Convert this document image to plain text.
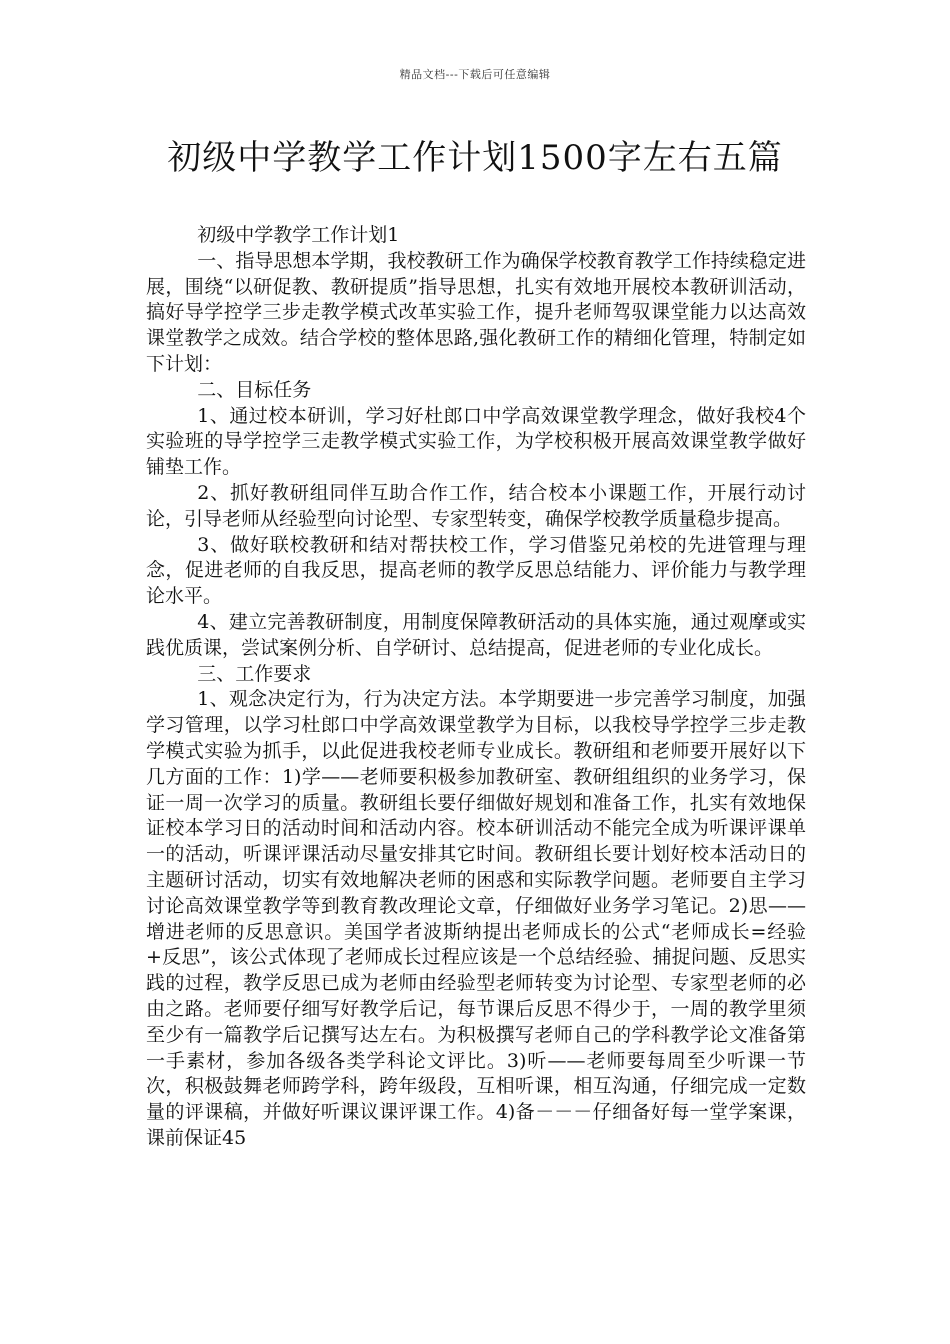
精品文档---下载后可任意编辑
初级中学教学工作计划1500字左右五篇

初级中学教学工作计划1

一、指导思想本学期，我校教研工作为确保学校教育教学工作持续稳定进展，围绕“以研促教、教研提质”指导思想，扎实有效地开展校本教研训活动，搞好导学控学三步走教学模式改革实验工作，提升老师驾驭课堂能力以达高效课堂教学之成效。结合学校的整体思路,强化教研工作的精细化管理，特制定如下计划：

二、目标任务

1、通过校本研训，学习好杜郎口中学高效课堂教学理念，做好我校4个实验班的导学控学三走教学模式实验工作，为学校积极开展高效课堂教学做好铺垫工作。

2、抓好教研组同伴互助合作工作，结合校本小课题工作，开展行动讨论，引导老师从经验型向讨论型、专家型转变，确保学校教学质量稳步提高。

3、做好联校教研和结对帮扶校工作，学习借鉴兄弟校的先进管理与理念，促进老师的自我反思，提高老师的教学反思总结能力、评价能力与教学理论水平。

4、建立完善教研制度，用制度保障教研活动的具体实施，通过观摩或实践优质课，尝试案例分析、自学研讨、总结提高，促进老师的专业化成长。

三、工作要求

1、观念决定行为，行为决定方法。本学期要进一步完善学习制度，加强学习管理，以学习杜郎口中学高效课堂教学为目标，以我校导学控学三步走教学模式实验为抓手，以此促进我校老师专业成长。教研组和老师要开展好以下几方面的工作：1)学——老师要积极参加教研室、教研组组织的业务学习，保证一周一次学习的质量。教研组长要仔细做好规划和准备工作，扎实有效地保证校本学习日的活动时间和活动内容。校本研训活动不能完全成为听课评课单一的活动，听课评课活动尽量安排其它时间。教研组长要计划好校本活动日的主题研讨活动，切实有效地解决老师的困惑和实际教学问题。老师要自主学习讨论高效课堂教学等到教育教改理论文章，仔细做好业务学习笔记。2)思——增进老师的反思意识。美国学者波斯纳提出老师成长的公式“老师成长=经验+反思”，该公式体现了老师成长过程应该是一个总结经验、捕捉问题、反思实践的过程，教学反思已成为老师由经验型老师转变为讨论型、专家型老师的必由之路。老师要仔细写好教学后记，每节课后反思不得少于，一周的教学里须至少有一篇教学后记撰写达左右。为积极撰写老师自己的学科教学论文准备第一手素材，参加各级各类学科论文评比。3)听——老师要每周至少听课一节次，积极鼓舞老师跨学科，跨年级段，互相听课，相互沟通，仔细完成一定数量的评课稿，并做好听课议课评课工作。4)备－－－仔细备好每一堂学案课，课前保证45
